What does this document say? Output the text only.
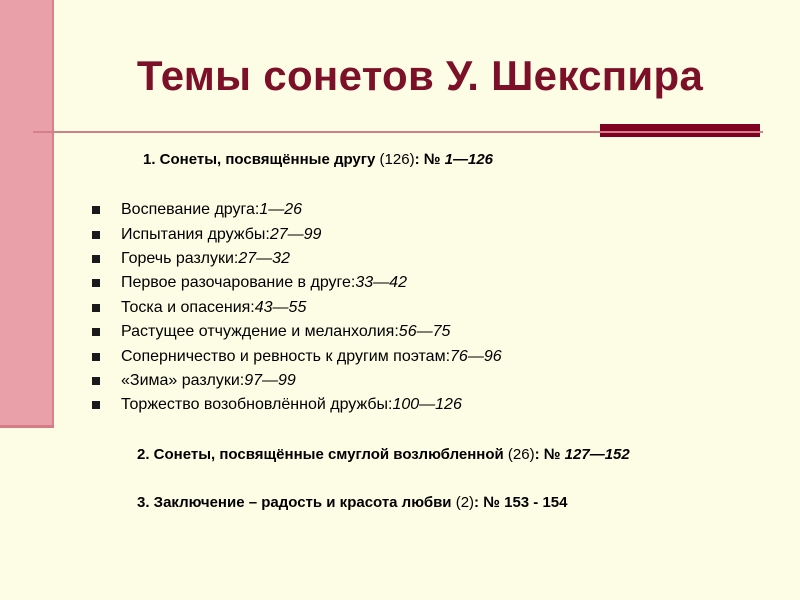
Темы сонетов У. Шекспира
1. Сонеты, посвящённые другу (126): № 1—126
Воспевание друга: 1—26
Испытания дружбы: 27—99
Горечь разлуки: 27—32
Первое разочарование в друге: 33—42
Тоска и опасения: 43—55
Растущее отчуждение и меланхолия: 56—75
Соперничество и ревность к другим поэтам: 76—96
«Зима» разлуки: 97—99
Торжество возобновлённой дружбы: 100—126
2. Сонеты, посвящённые смуглой возлюбленной (26): № 127—152
3. Заключение – радость и красота любви (2): № 153 - 154
